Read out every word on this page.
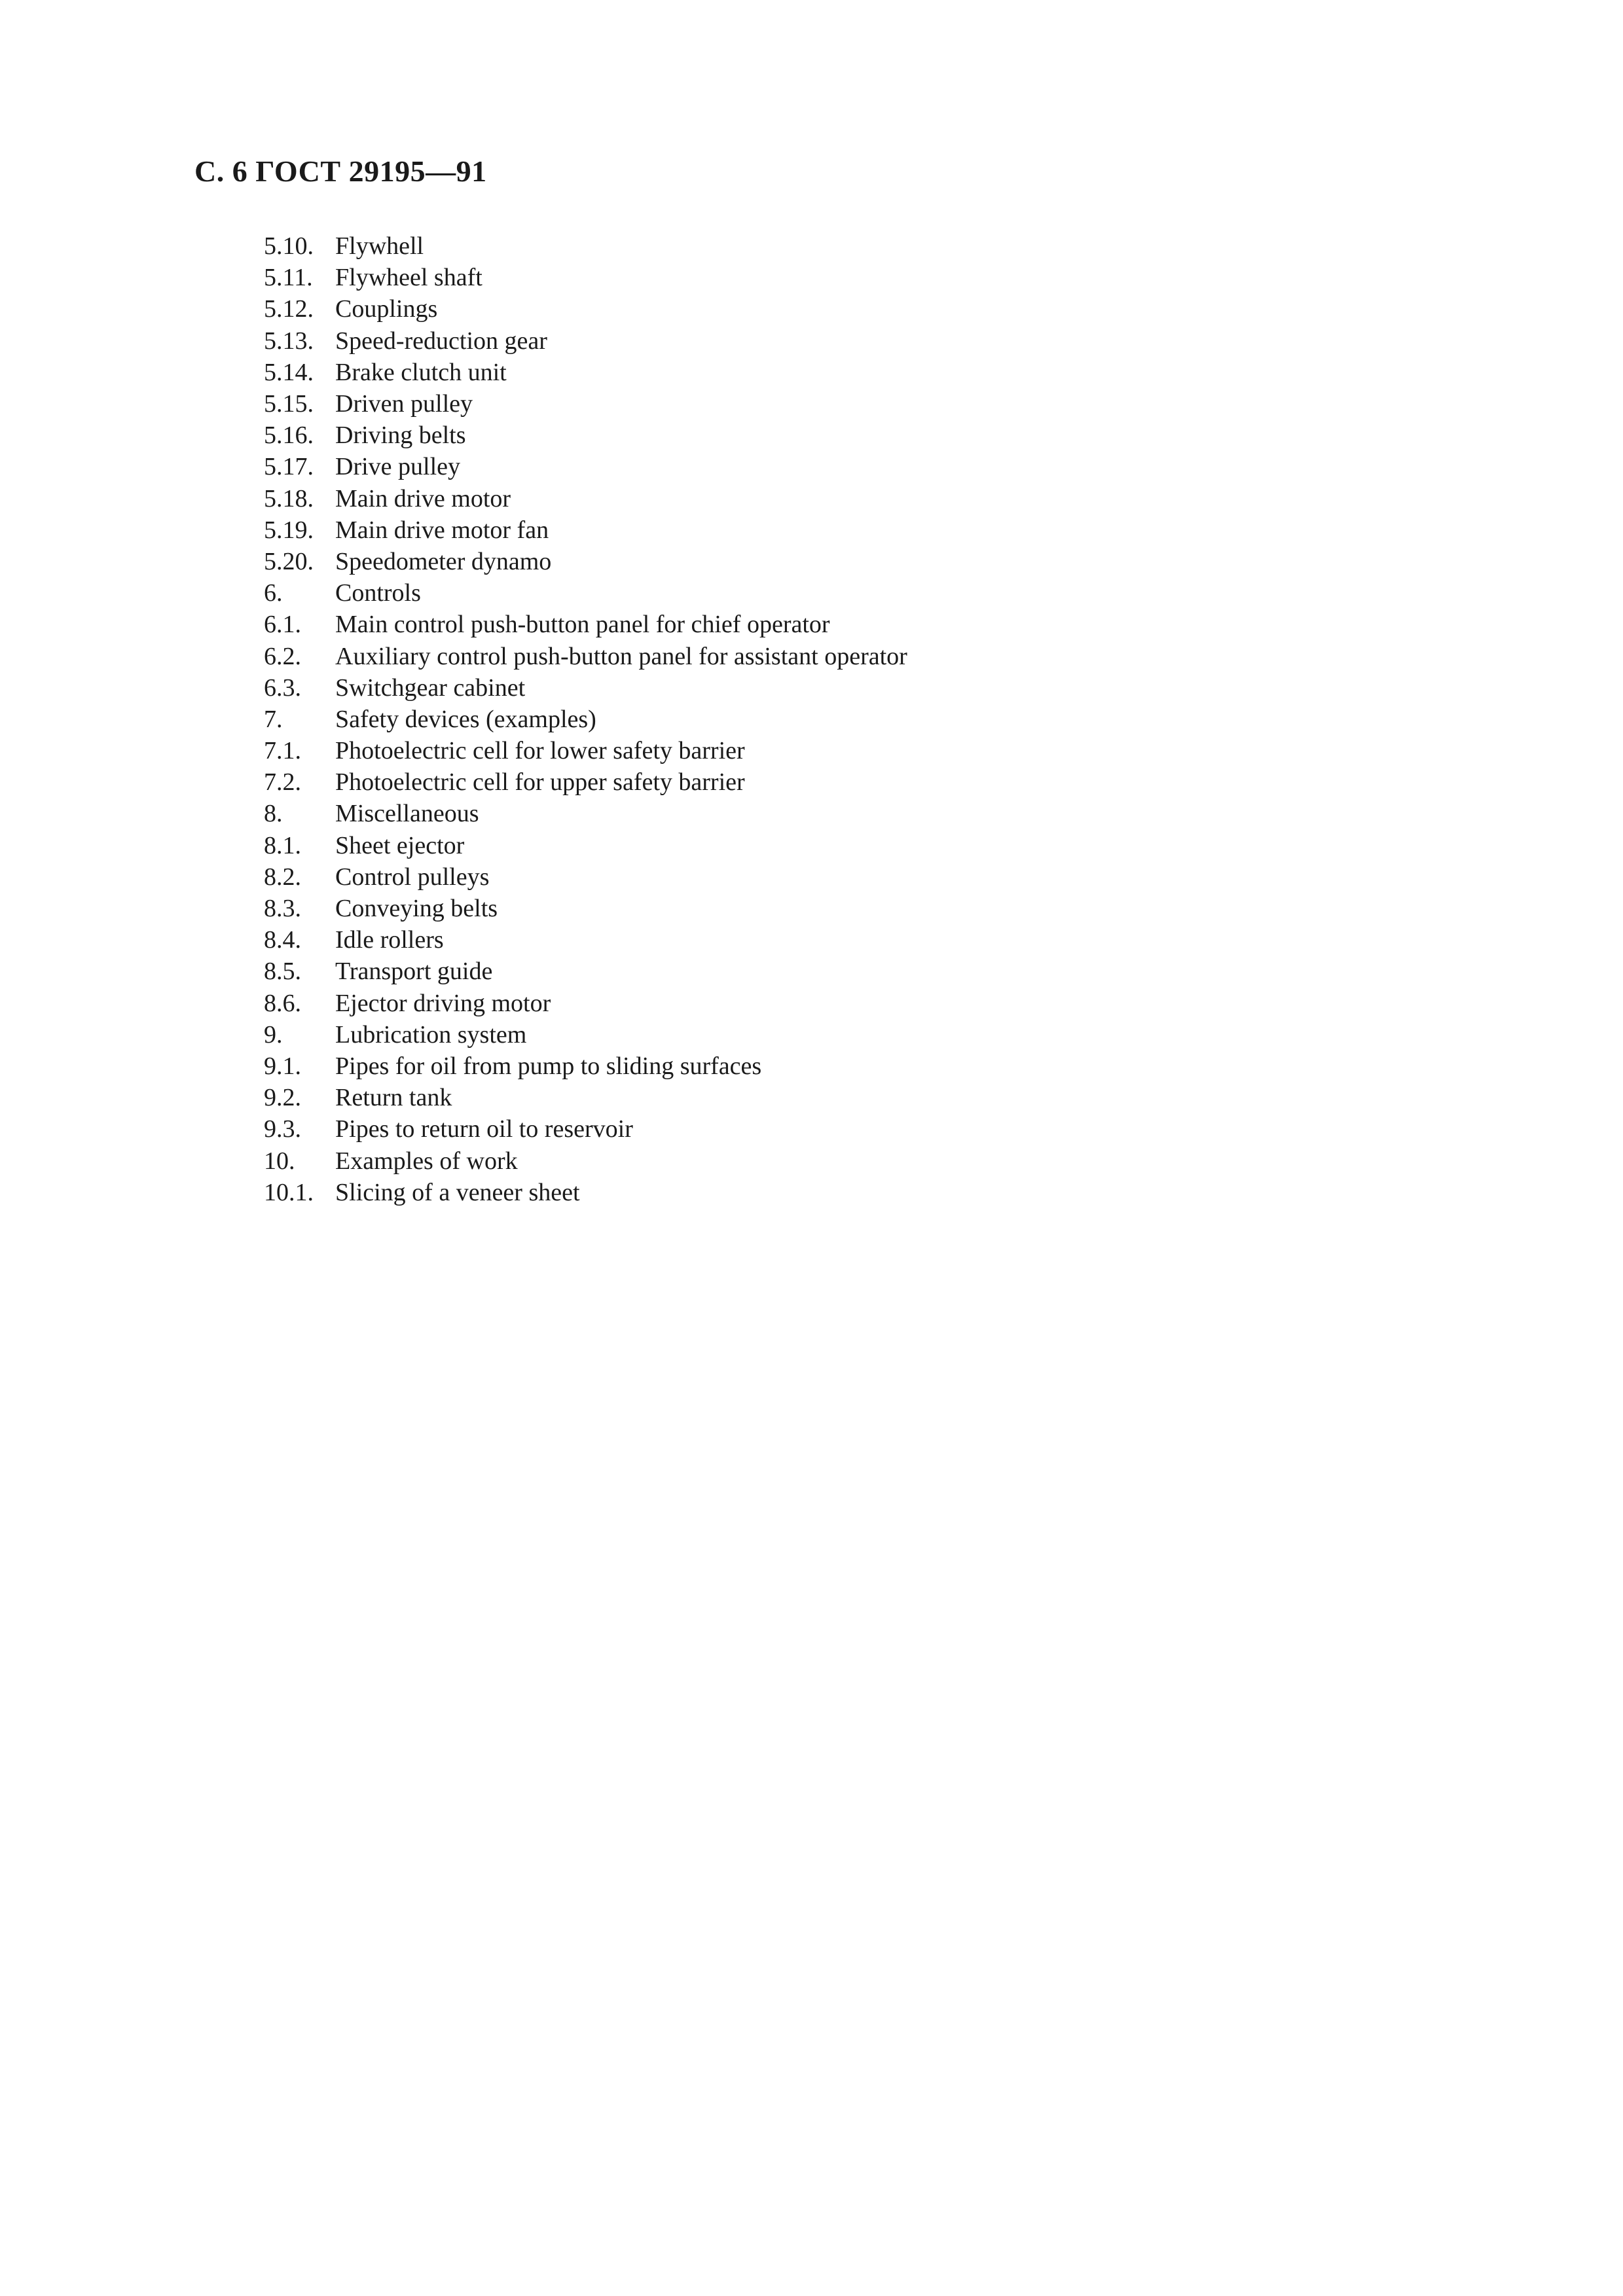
С. 6 ГОСТ 29195—91
5.10. Flywhell
5.11. Flywheel shaft
5.12. Couplings
5.13. Speed-reduction gear
5.14. Brake clutch unit
5.15. Driven pulley
5.16. Driving belts
5.17. Drive pulley
5.18. Main drive motor
5.19. Main drive motor fan
5.20. Speedometer dynamo
6.	Controls
6.1.	Main control push-button panel for chief operator
6.2.	Auxiliary control push-button panel for assistant operator
6.3.	Switchgear cabinet
7.	Safety devices (examples)
7.1.	Photoelectric cell for lower safety barrier
7.2.	Photoelectric cell for upper safety barrier
8.	Miscellaneous
8.1.	Sheet ejector
8.2.	Control pulleys
8.3.	Conveying belts
8.4.	Idle rollers
8.5.	Transport guide
8.6.	Ejector driving motor
9.	Lubrication system
9.1.	Pipes for oil from pump to sliding surfaces
9.2.	Return tank
9.3.	Pipes to return oil to reservoir
10.	Examples of work
10.1. Slicing of a veneer sheet
